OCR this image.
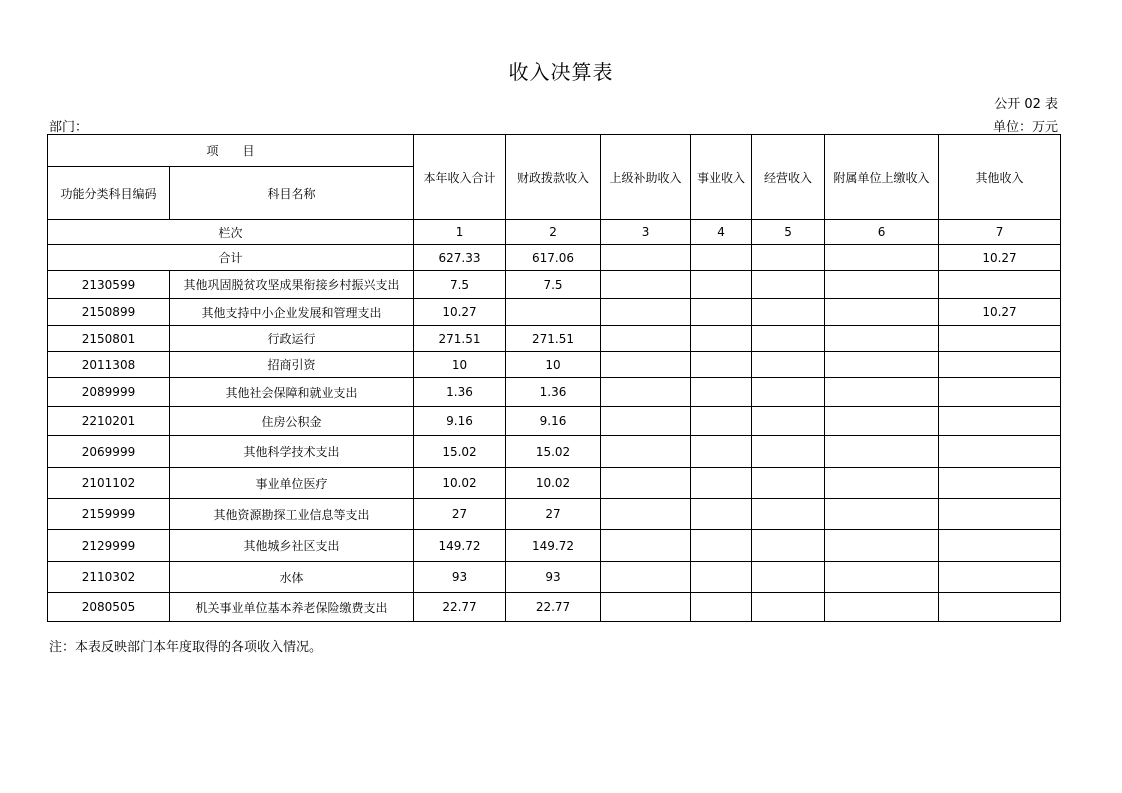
收入决算表
公开 02 表
部门：	单位：万元
项　　目		本年收入合计	财政拨款收入	上级补助收入	事业收入	经营收入	附属单位上缴收入	其他收入
功能分类科目编码	科目名称							
栏次		1	2	3	4	5	6	7
合计		627.33	617.06					10.27
2130599	其他巩固脱贫攻坚成果衔接乡村振兴支出	7.5	7.5					
2150899	其他支持中小企业发展和管理支出	10.27						10.27
2150801	行政运行	271.51	271.51					
2011308	招商引资	10	10					
2089999	其他社会保障和就业支出	1.36	1.36					
2210201	住房公积金	9.16	9.16					
2069999	其他科学技术支出	15.02	15.02					
2101102	事业单位医疗	10.02	10.02					
2159999	其他资源勘探工业信息等支出	27	27					
2129999	其他城乡社区支出	149.72	149.72					
2110302	水体	93	93					
2080505	机关事业单位基本养老保险缴费支出	22.77	22.77					
注：本表反映部门本年度取得的各项收入情况。
